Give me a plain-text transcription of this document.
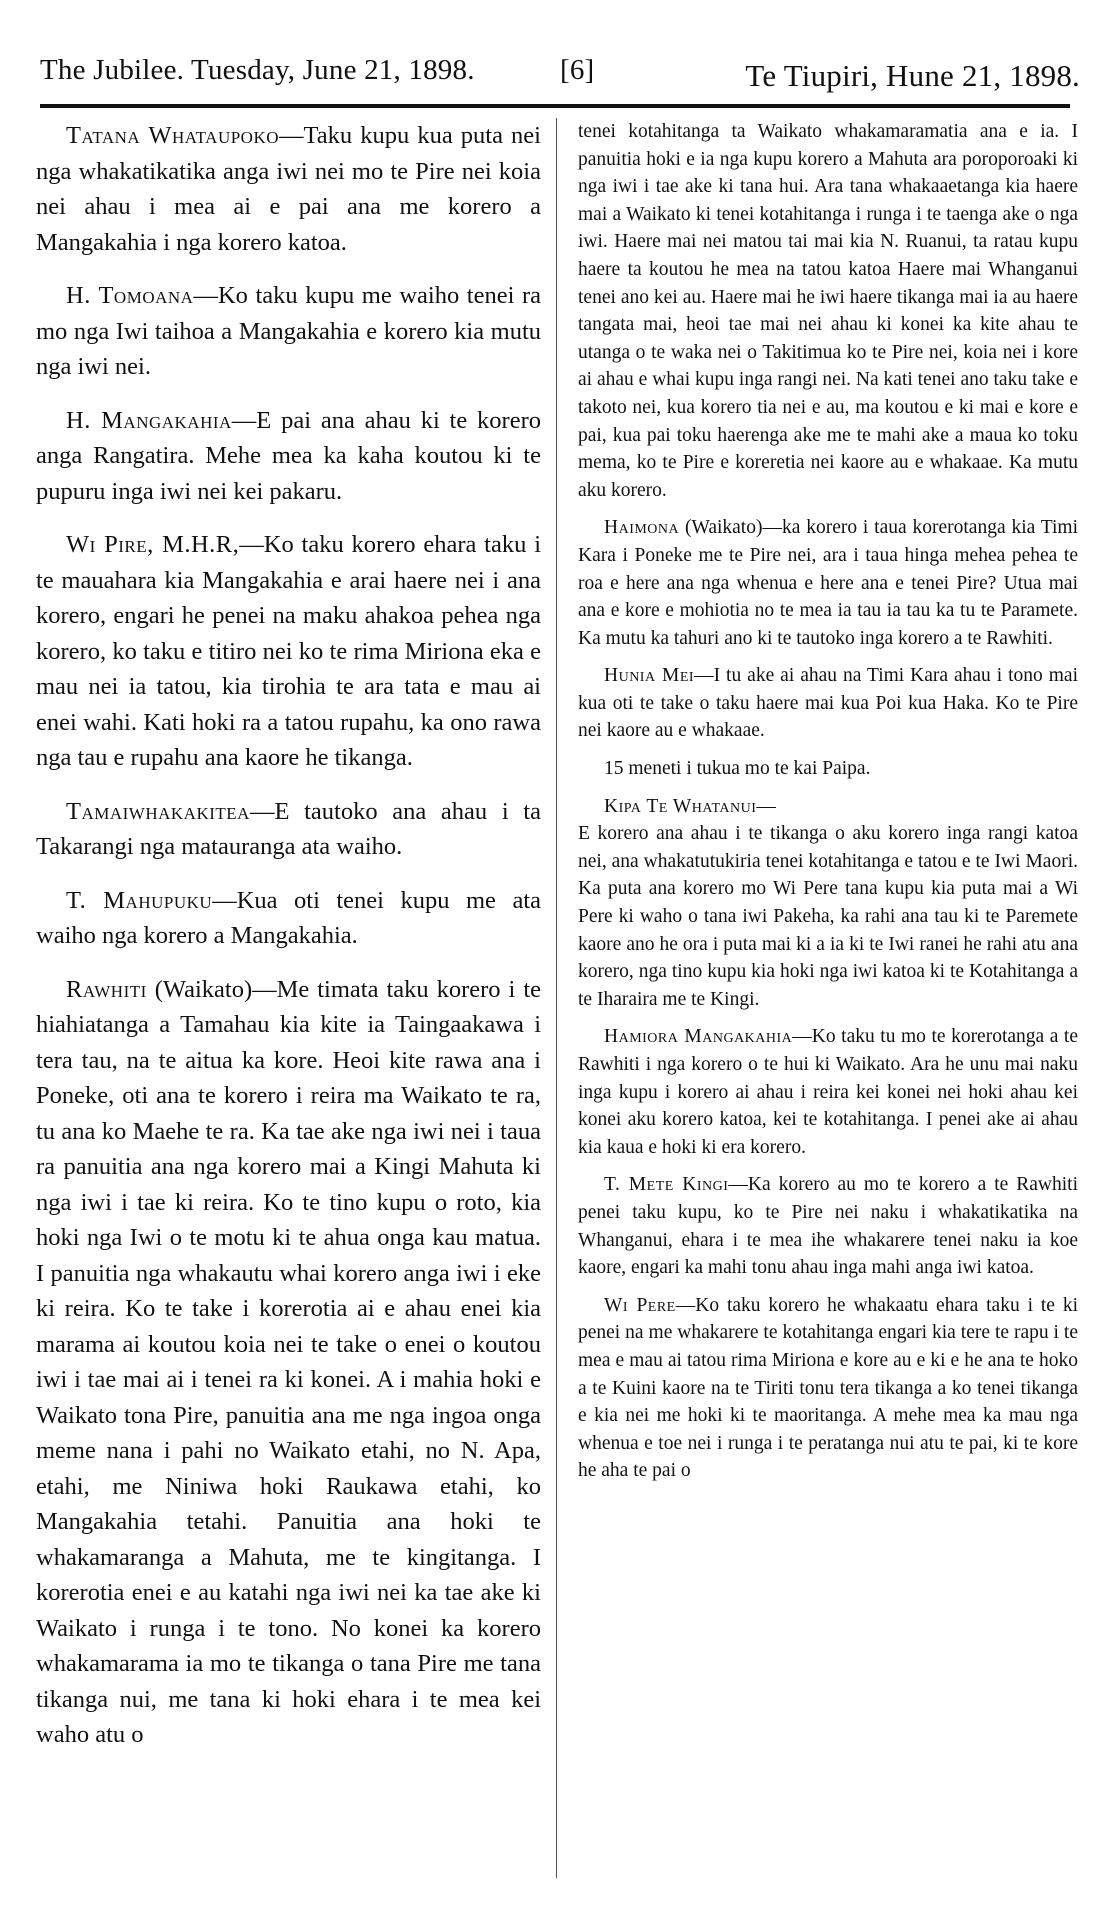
The Jubilee. Tuesday, June 21, 1898.	[6]	Te Tiupiri, Hune 21, 1898.

Tatana Whataupoko—Taku kupu kua puta nei nga whakatikatika anga iwi nei mo te Pire nei koia nei ahau i mea ai e pai ana me korero a Mangakahia i nga korero katoa.

H. Tomoana—Ko taku kupu me waiho tenei ra mo nga Iwi taihoa a Mangakahia e korero kia mutu nga iwi nei.

H. Mangakahia—E pai ana ahau ki te korero anga Rangatira. Mehe mea ka kaha koutou ki te pupuru inga iwi nei kei pakaru.

Wi Pire, M.H.R,—Ko taku korero ehara taku i te mauahara kia Mangakahia e arai haere nei i ana korero, engari he penei na maku ahakoa pehea nga korero, ko taku e titiro nei ko te rima Miriona eka e mau nei ia tatou, kia tirohia te ara tata e mau ai enei wahi. Kati hoki ra a tatou rupahu, ka ono rawa nga tau e rupahu ana kaore he tikanga.

Tamaiwhakakitea—E tautoko ana ahau i ta Takarangi nga matauranga ata waiho.

T. Mahupuku—Kua oti tenei kupu me ata waiho nga korero a Mangakahia.

Rawhiti (Waikato)—Me timata taku korero i te hiahiatanga a Tamahau kia kite ia Taingaakawa i tera tau, na te aitua ka kore. Heoi kite rawa ana i Poneke, oti ana te korero i reira ma Waikato te ra, tu ana ko Maehe te ra. Ka tae ake nga iwi nei i taua ra panuitia ana nga korero mai a Kingi Mahuta ki nga iwi i tae ki reira. Ko te tino kupu o roto, kia hoki nga Iwi o te motu ki te ahua onga kau matua. I panuitia nga whakautu whai korero anga iwi i eke ki reira. Ko te take i korerotia ai e ahau enei kia marama ai koutou koia nei te take o enei o koutou iwi i tae mai ai i tenei ra ki konei. A i mahia hoki e Waikato tona Pire, panuitia ana me nga ingoa onga meme nana i pahi no Waikato etahi, no N. Apa, etahi, me Niniwa hoki Raukawa etahi, ko Mangakahia tetahi. Panuitia ana hoki te whakamaranga a Mahuta, me te kingitanga. I korerotia enei e au katahi nga iwi nei ka tae ake ki Waikato i runga i te tono. No konei ka korero whakamarama ia mo te tikanga o tana Pire me tana tikanga nui, me tana ki hoki ehara i te mea kei waho atu o

tenei kotahitanga ta Waikato whakamaramatia ana e ia. I panuitia hoki e ia nga kupu korero a Mahuta ara poroporoaki ki nga iwi i tae ake ki tana hui. Ara tana whakaaetanga kia haere mai a Waikato ki tenei kotahitanga i runga i te taenga ake o nga iwi. Haere mai nei matou tai mai kia N. Ruanui, ta ratau kupu haere ta koutou he mea na tatou katoa Haere mai Whanganui tenei ano kei au. Haere mai he iwi haere tikanga mai ia au haere tangata mai, heoi tae mai nei ahau ki konei ka kite ahau te utanga o te waka nei o Takitimua ko te Pire nei, koia nei i kore ai ahau e whai kupu inga rangi nei. Na kati tenei ano taku take e takoto nei, kua korero tia nei e au, ma koutou e ki mai e kore e pai, kua pai toku haerenga ake me te mahi ake a maua ko toku mema, ko te Pire e koreretia nei kaore au e whakaae. Ka mutu aku korero.

Haimona (Waikato)—ka korero i taua korerotanga kia Timi Kara i Poneke me te Pire nei, ara i taua hinga mehea pehea te roa e here ana nga whenua e here ana e tenei Pire? Utua mai ana e kore e mohiotia no te mea ia tau ia tau ka tu te Paramete. Ka mutu ka tahuri ano ki te tautoko inga korero a te Rawhiti.

Hunia Mei—I tu ake ai ahau na Timi Kara ahau i tono mai kua oti te take o taku haere mai kua Poi kua Haka. Ko te Pire nei kaore au e whakaae.

15 meneti i tukua mo te kai Paipa.

Kipa Te Whatanui—
E korero ana ahau i te tikanga o aku korero inga rangi katoa nei, ana whakatutukiria tenei kotahitanga e tatou e te Iwi Maori. Ka puta ana korero mo Wi Pere tana kupu kia puta mai a Wi Pere ki waho o tana iwi Pakeha, ka rahi ana tau ki te Paremete kaore ano he ora i puta mai ki a ia ki te Iwi ranei he rahi atu ana korero, nga tino kupu kia hoki nga iwi katoa ki te Kotahitanga a te Iharaira me te Kingi.

Hamiora Mangakahia—Ko taku tu mo te korerotanga a te Rawhiti i nga korero o te hui ki Waikato. Ara he unu mai naku inga kupu i korero ai ahau i reira kei konei nei hoki ahau kei konei aku korero katoa, kei te kotahitanga. I penei ake ai ahau kia kaua e hoki ki era korero.

T. Mete Kingi—Ka korero au mo te korero a te Rawhiti penei taku kupu, ko te Pire nei naku i whakatikatika na Whanganui, ehara i te mea ihe whakarere tenei naku ia koe kaore, engari ka mahi tonu ahau inga mahi anga iwi katoa.

Wi Pere—Ko taku korero he whakaatu ehara taku i te ki penei na me whakarere te kotahitanga engari kia tere te rapu i te mea e mau ai tatou rima Miriona e kore au e ki e he ana te hoko a te Kuini kaore na te Tiriti tonu tera tikanga a ko tenei tikanga e kia nei me hoki ki te maoritanga. A mehe mea ka mau nga whenua e toe nei i runga i te peratanga nui atu te pai, ki te kore he aha te pai o
